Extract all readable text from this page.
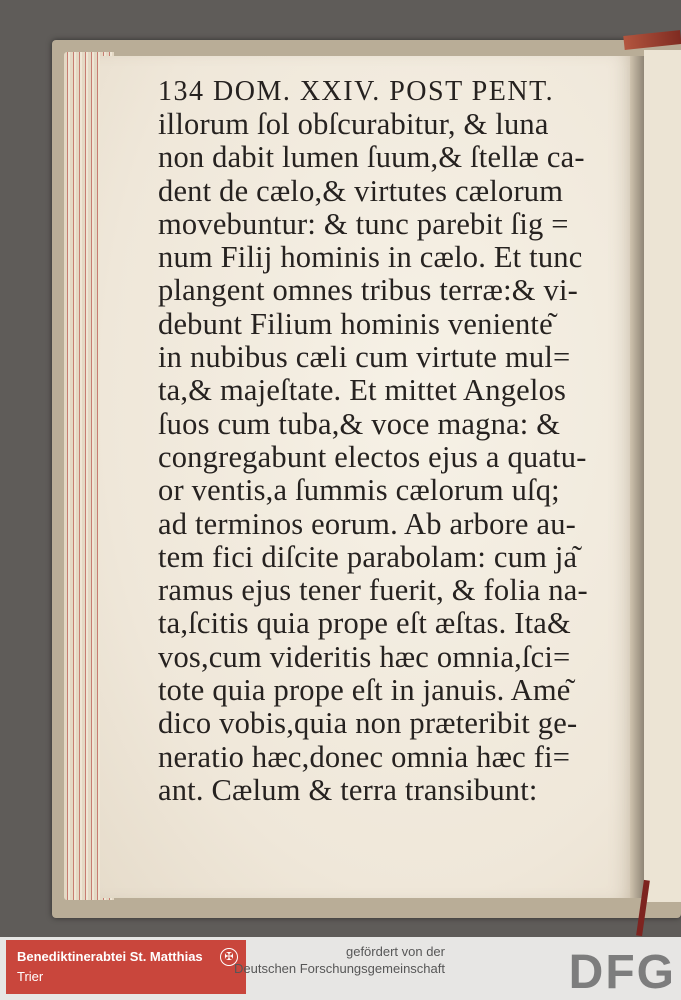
134 DOM. XXIV. POST PENT.
illorum ſol obſcurabitur, & luna
non dabit lumen ſuum,& ſtellæ ca-
dent de cælo,& virtutes cælorum
movebuntur: & tunc parebit ſig =
num Filij hominis in cælo. Et tunc
plangent omnes tribus terræ:& vi-
debunt Filium hominis veniente͂
in nubibus cæli cum virtute mul=
ta,& majeſtate. Et mittet Angelos
ſuos cum tuba,& voce magna: &
congregabunt electos ejus a quatu-
or ventis,a ſummis cælorum uſq;
ad terminos eorum. Ab arbore au-
tem fici diſcite parabolam: cum ja͂
ramus ejus tener fuerit, & folia na-
ta,ſcitis quia prope eſt æſtas. Ita&
vos,cum videritis hæc omnia,ſci=
tote quia prope eſt in januis. Ame͂
dico vobis,quia non præteribit ge-
neratio hæc,donec omnia hæc fi=
ant. Cælum & terra transibunt:
Benediktinerabtei St. Matthias
Trier
✠	gefördert von der
Deutschen Forschungsgemeinschaft	DFG
